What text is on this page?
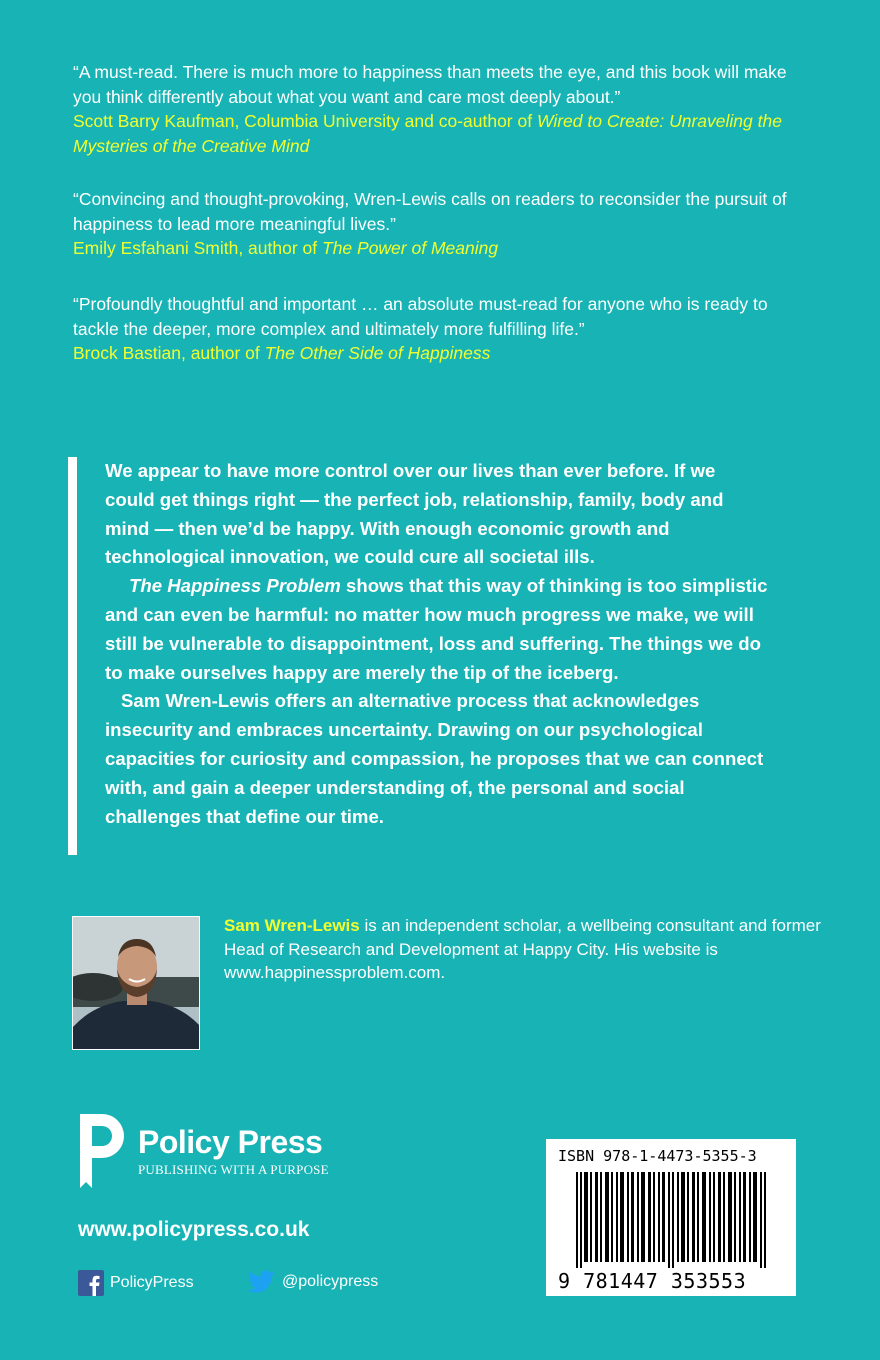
“A must-read. There is much more to happiness than meets the eye, and this book will make you think differently about what you want and care most deeply about.”
Scott Barry Kaufman, Columbia University and co-author of Wired to Create: Unraveling the Mysteries of the Creative Mind
“Convincing and thought-provoking, Wren-Lewis calls on readers to reconsider the pursuit of happiness to lead more meaningful lives.”
Emily Esfahani Smith, author of The Power of Meaning
“Profoundly thoughtful and important … an absolute must-read for anyone who is ready to tackle the deeper, more complex and ultimately more fulfilling life.”
Brock Bastian, author of The Other Side of Happiness

We appear to have more control over our lives than ever before. If we could get things right — the perfect job, relationship, family, body and mind — then we’d be happy. With enough economic growth and technological innovation, we could cure all societal ills.

The Happiness Problem shows that this way of thinking is too simplistic and can even be harmful: no matter how much progress we make, we will still be vulnerable to disappointment, loss and suffering. The things we do to make ourselves happy are merely the tip of the iceberg.

Sam Wren-Lewis offers an alternative process that acknowledges insecurity and embraces uncertainty. Drawing on our psychological capacities for curiosity and compassion, he proposes that we can connect with, and gain a deeper understanding of, the personal and social challenges that define our time.

Sam Wren-Lewis is an independent scholar, a wellbeing consultant and former Head of Research and Development at Happy City. His website is www.happinessproblem.com.
Policy Press
PUBLISHING WITH A PURPOSE
www.policypress.co.uk
PolicyPress	@policypress
ISBN 978-1-4473-5355-3
9 781447 353553
